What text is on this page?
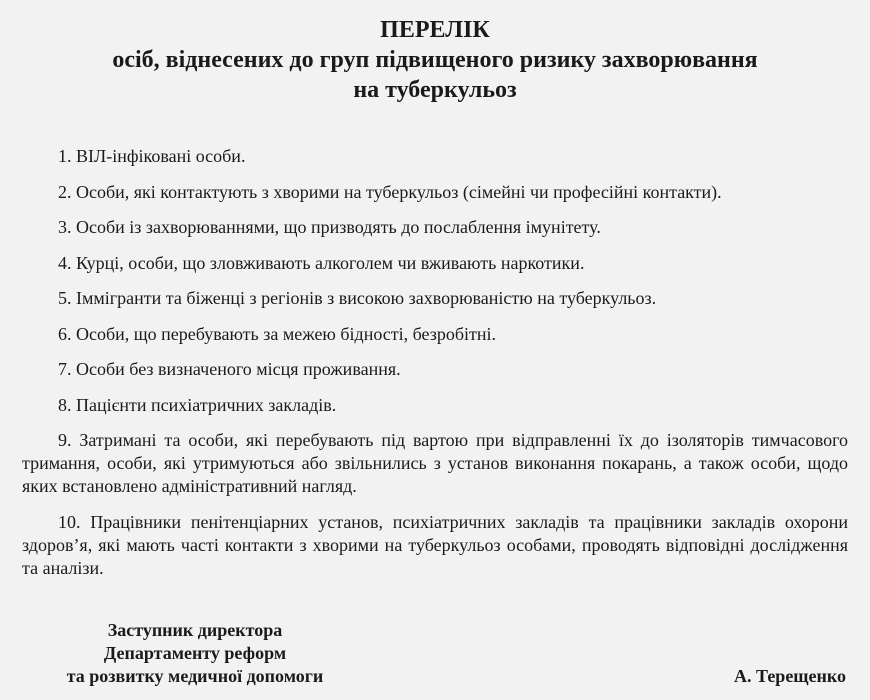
ПЕРЕЛІК
осіб, віднесених до груп підвищеного ризику захворювання
на туберкульоз
1. ВІЛ-інфіковані особи.
2. Особи, які контактують з хворими на туберкульоз (сімейні чи професійні контакти).
3. Особи із захворюваннями, що призводять до послаблення імунітету.
4. Курці, особи, що зловживають алкоголем чи вживають наркотики.
5. Іммігранти та біженці з регіонів з високою захворюваністю на туберкульоз.
6. Особи, що перебувають за межею бідності, безробітні.
7. Особи без визначеного місця проживання.
8. Пацієнти психіатричних закладів.
9. Затримані та особи, які перебувають під вартою при відправленні їх до ізоляторів тимчасового тримання, особи, які утримуються або звільнились з установ виконання покарань, а також особи, щодо яких встановлено адміністративний нагляд.
10. Працівники пенітенціарних установ, психіатричних закладів та працівники закладів охорони здоров’я, які мають часті контакти з хворими на туберкульоз особами, проводять відповідні дослідження та аналізи.
Заступник директора
Департаменту реформ
та розвитку медичної допомоги	А. Терещенко
